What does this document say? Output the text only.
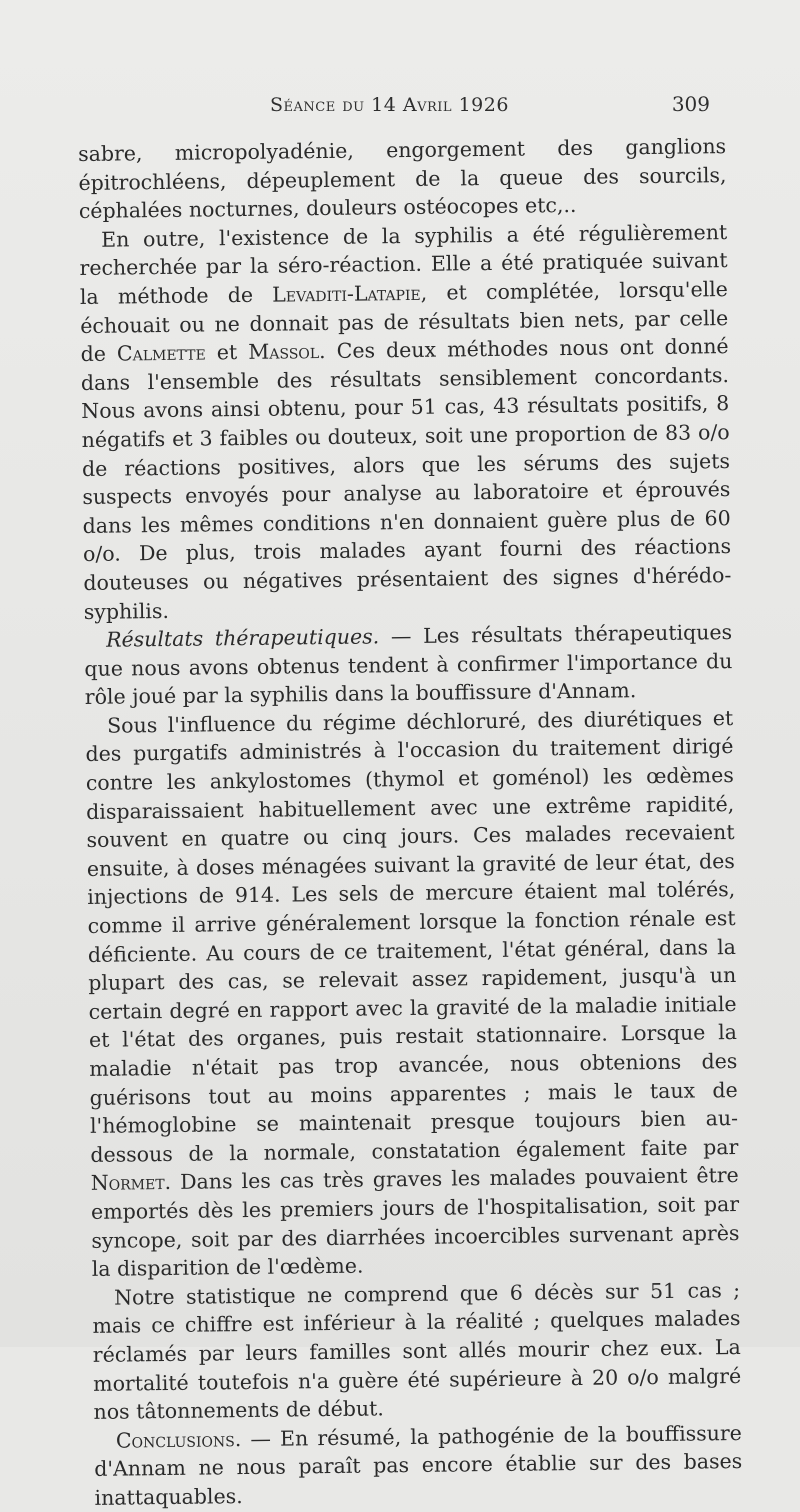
Séance du 14 Avril 1926	309

sabre, micropolyadénie, engorgement des ganglions épitrochléens, dépeuplement de la queue des sourcils, céphalées nocturnes, douleurs ostéocopes etc,..

En outre, l'existence de la syphilis a été régulièrement recherchée par la séro-réaction. Elle a été pratiquée suivant la méthode de Levaditi-Latapie, et complétée, lorsqu'elle échouait ou ne donnait pas de résultats bien nets, par celle de Calmette et Massol. Ces deux méthodes nous ont donné dans l'ensemble des résultats sensiblement concordants. Nous avons ainsi obtenu, pour 51 cas, 43 résultats positifs, 8 négatifs et 3 faibles ou douteux, soit une proportion de 83 o/o de réactions positives, alors que les sérums des sujets suspects envoyés pour analyse au laboratoire et éprouvés dans les mêmes conditions n'en donnaient guère plus de 60 o/o. De plus, trois malades ayant fourni des réactions douteuses ou négatives présentaient des signes d'hérédo-syphilis.

Résultats thérapeutiques. — Les résultats thérapeutiques que nous avons obtenus tendent à confirmer l'importance du rôle joué par la syphilis dans la bouffissure d'Annam.

Sous l'influence du régime déchloruré, des diurétiques et des purgatifs administrés à l'occasion du traitement dirigé contre les ankylostomes (thymol et goménol) les œdèmes disparaissaient habituellement avec une extrême rapidité, souvent en quatre ou cinq jours. Ces malades recevaient ensuite, à doses ménagées suivant la gravité de leur état, des injections de 914. Les sels de mercure étaient mal tolérés, comme il arrive généralement lorsque la fonction rénale est déficiente. Au cours de ce traitement, l'état général, dans la plupart des cas, se relevait assez rapidement, jusqu'à un certain degré en rapport avec la gravité de la maladie initiale et l'état des organes, puis restait stationnaire. Lorsque la maladie n'était pas trop avancée, nous obtenions des guérisons tout au moins apparentes ; mais le taux de l'hémoglobine se maintenait presque toujours bien au-dessous de la normale, constatation également faite par Normet. Dans les cas très graves les malades pouvaient être emportés dès les premiers jours de l'hospitalisation, soit par syncope, soit par des diarrhées incoercibles survenant après la disparition de l'œdème.

Notre statistique ne comprend que 6 décès sur 51 cas ; mais ce chiffre est inférieur à la réalité ; quelques malades réclamés par leurs familles sont allés mourir chez eux. La mortalité toutefois n'a guère été supérieure à 20 o/o malgré nos tâtonnements de début.

Conclusions. — En résumé, la pathogénie de la bouffissure d'Annam ne nous paraît pas encore établie sur des bases inattaquables.
